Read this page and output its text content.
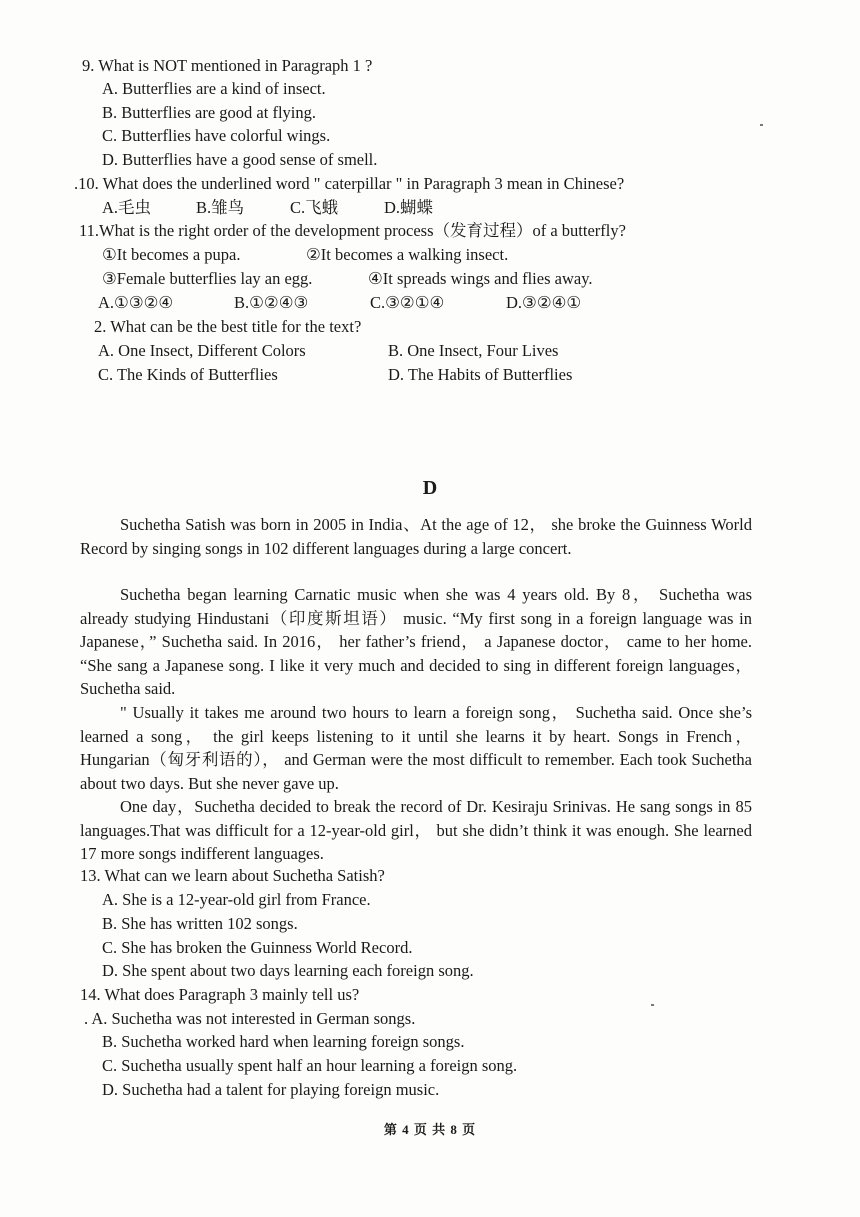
9. What is NOT mentioned in Paragraph 1 ?
A. Butterflies are a kind of insect.
B. Butterflies are good at flying.
C. Butterflies have colorful wings.
D. Butterflies have a good sense of smell.
.10. What does the underlined word " caterpillar " in Paragraph 3 mean in Chinese?
A.毛虫	B.雏鸟	C.飞蛾	D.蝴蝶
11.What is the right order of the development process（发育过程）of a butterfly?
①It becomes a pupa.	②It becomes a walking insect.
③Female butterflies lay an egg.	④It spreads wings and flies away.
A.①③②④	B.①②④③	C.③②①④	D.③②④①
2. What can be the best title for the text?
A. One Insect, Different Colors	B. One Insect, Four Lives
C. The Kinds of Butterflies	D. The Habits of Butterflies
D
Suchetha Satish was born in 2005 in India、At the age of 12， she broke the Guinness World Record by singing songs in 102 different languages during a large concert.
Suchetha began learning Carnatic music when she was 4 years old. By 8， Suchetha was already studying Hindustani（印度斯坦语） music. “My first song in a foreign language was in Japanese，” Suchetha said. In 2016， her father’s friend， a Japanese doctor， came to her home. “She sang a Japanese song. I like it very much and decided to sing in different foreign languages， Suchetha said.
" Usually it takes me around two hours to learn a foreign song， Suchetha said. Once she’s learned a song， the girl keeps listening to it until she learns it by heart. Songs in French， Hungarian（匈牙利语的）， and German were the most difficult to remember. Each took Suchetha about two days. But she never gave up.
One day，Suchetha decided to break the record of Dr. Kesiraju Srinivas. He sang songs in 85 languages.That was difficult for a 12-year-old girl， but she didn’t think it was enough. She learned 17 more songs indifferent languages.
13. What can we learn about Suchetha Satish?
A. She is a 12-year-old girl from France.
B. She has written 102 songs.
C. She has broken the Guinness World Record.
D. She spent about two days learning each foreign song.
14. What does Paragraph 3 mainly tell us?
. A. Suchetha was not interested in German songs.
B. Suchetha worked hard when learning foreign songs.
C. Suchetha usually spent half an hour learning a foreign song.
D. Suchetha had a talent for playing foreign music.
第 4 页 共 8 页
